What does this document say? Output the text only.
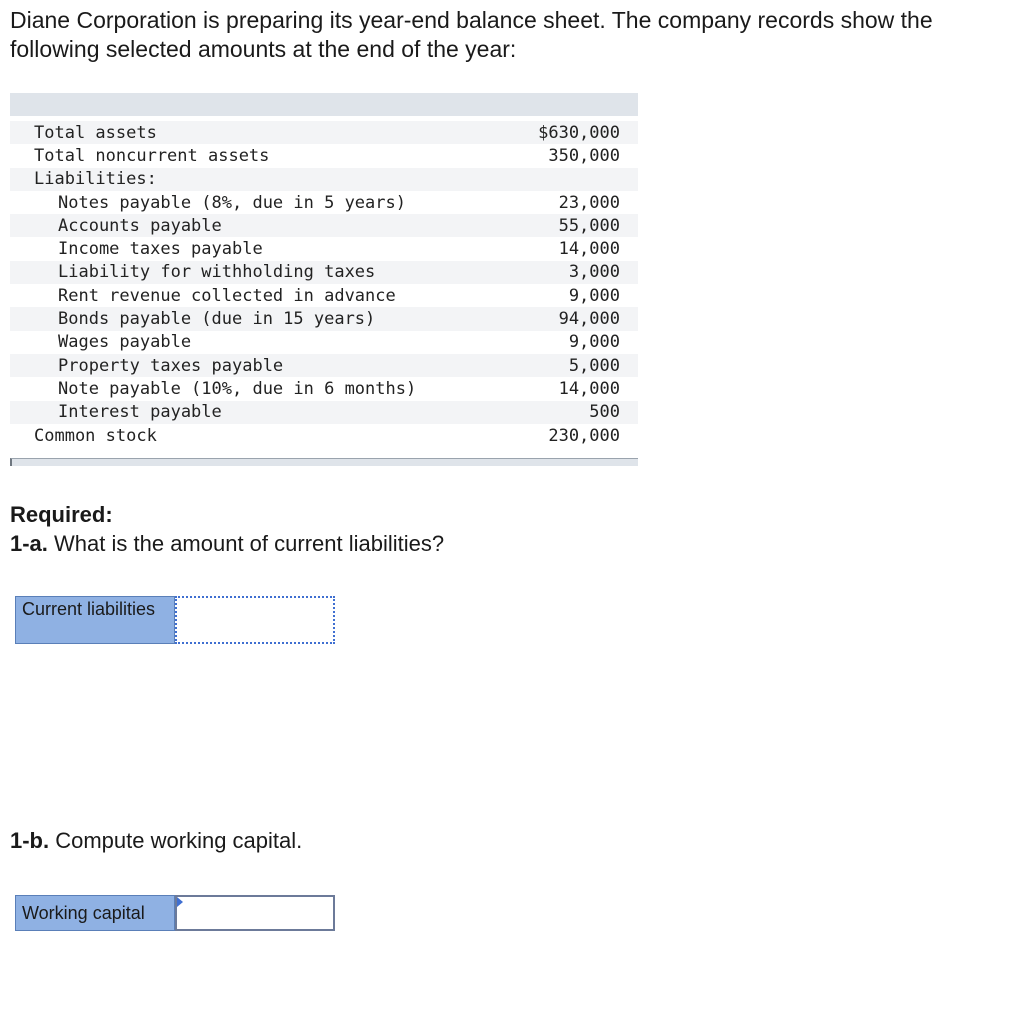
Diane Corporation is preparing its year-end balance sheet. The company records show the following selected amounts at the end of the year:

Total assets	$630,000
Total noncurrent assets	350,000
Liabilities:
Notes payable (8%, due in 5 years)	23,000
Accounts payable	55,000
Income taxes payable	14,000
Liability for withholding taxes	3,000
Rent revenue collected in advance	9,000
Bonds payable (due in 15 years)	94,000
Wages payable	9,000
Property taxes payable	5,000
Note payable (10%, due in 6 months)	14,000
Interest payable	500
Common stock	230,000
Required:
1-a. What is the amount of current liabilities?
Current liabilities
1-b. Compute working capital.
Working capital
